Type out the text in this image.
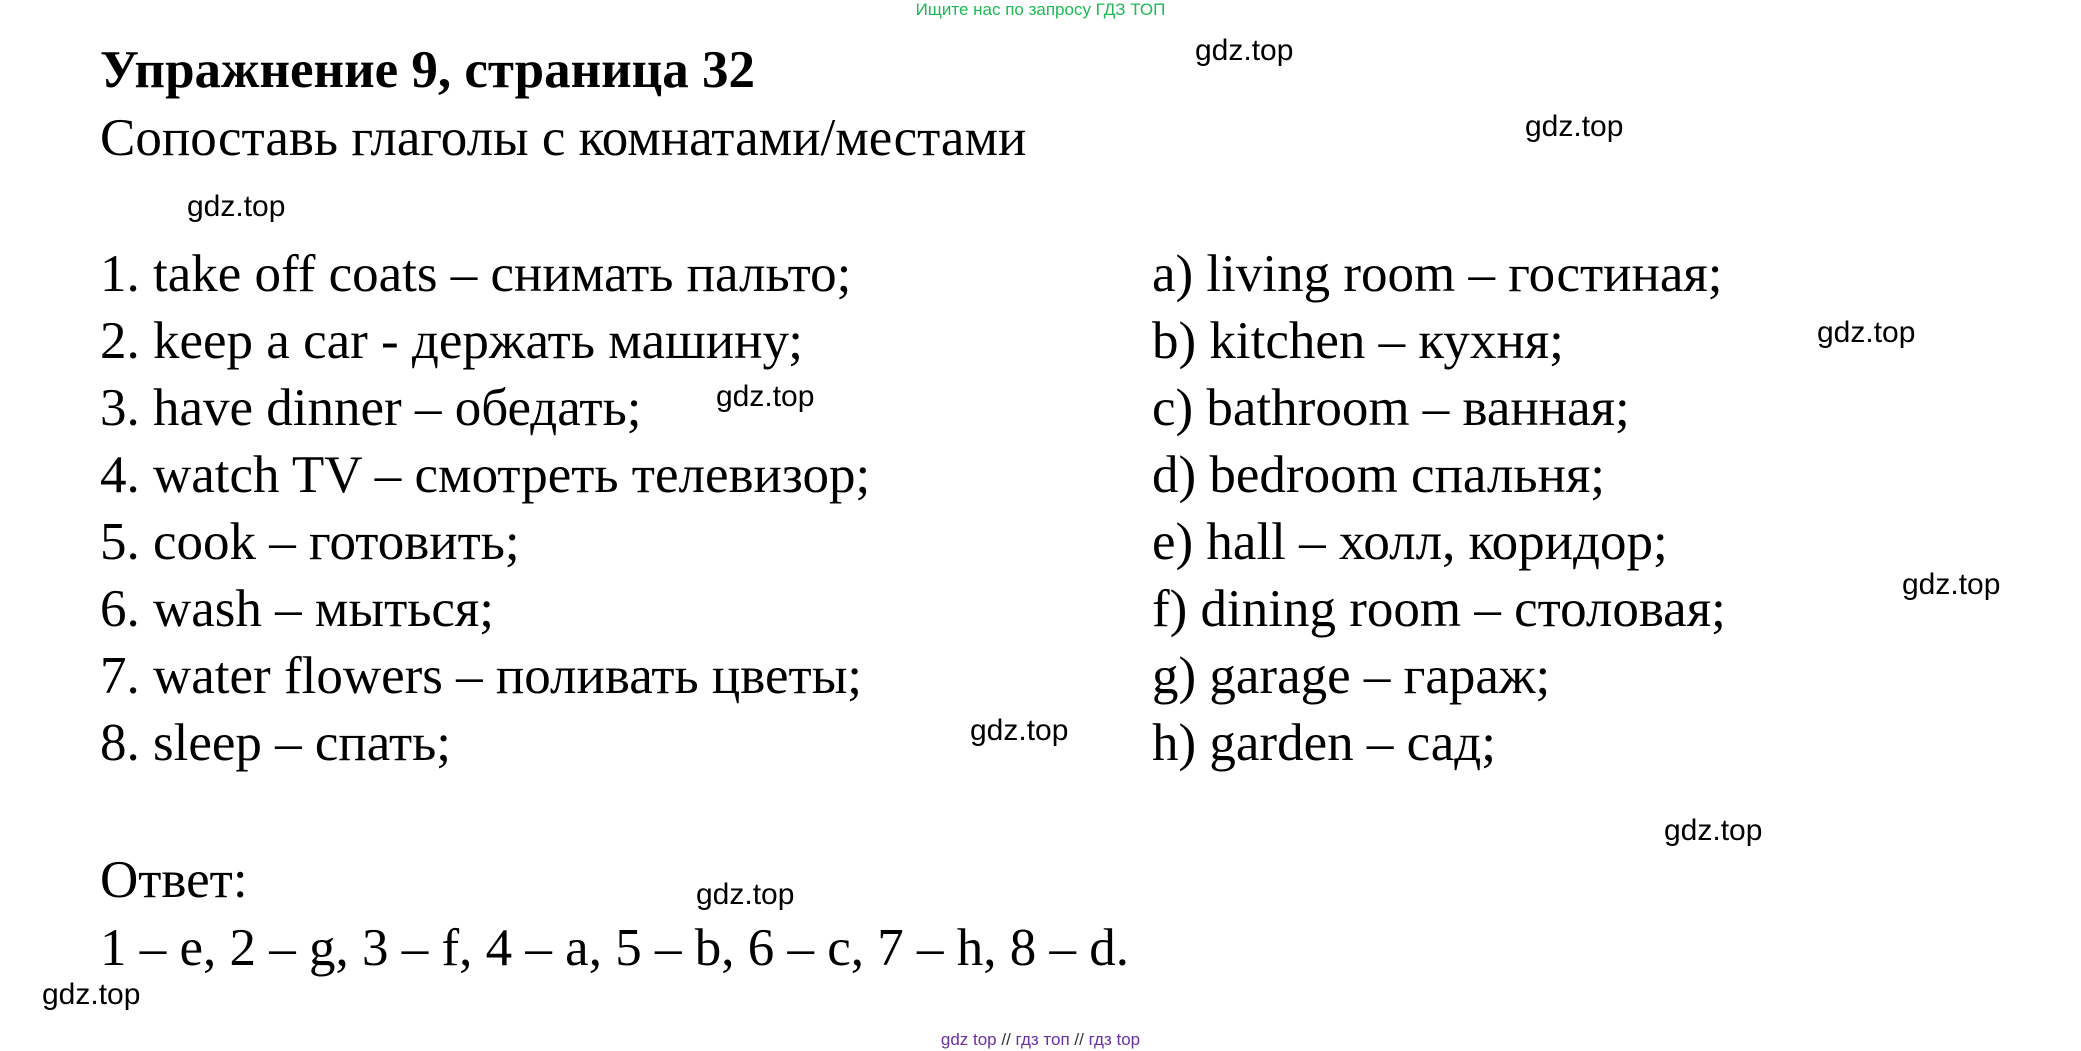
Ищите нас по запросу ГДЗ ТОП
Упражнение 9, страница 32
Сопоставь глаголы с комнатами/местами
1. take off coats – снимать пальто;
2. keep a car - держать машину;
3. have dinner – обедать;
4. watch TV – смотреть телевизор;
5. cook – готовить;
6. wash – мыться;
7. water flowers – поливать цветы;
8. sleep – спать;
a) living room – гостиная;
b) kitchen – кухня;
c) bathroom – ванная;
d) bedroom спальня;
e) hall – холл, коридор;
f) dining room – столовая;
g) garage – гараж;
h) garden – сад;
Ответ:
1 – e, 2 – g, 3 – f, 4 – a, 5 – b, 6 – c, 7 – h, 8 – d.
gdz.top
gdz.top
gdz.top
gdz.top
gdz.top
gdz.top
gdz.top
gdz.top
gdz.top
gdz.top
gdz top // гдз топ // гдз top
